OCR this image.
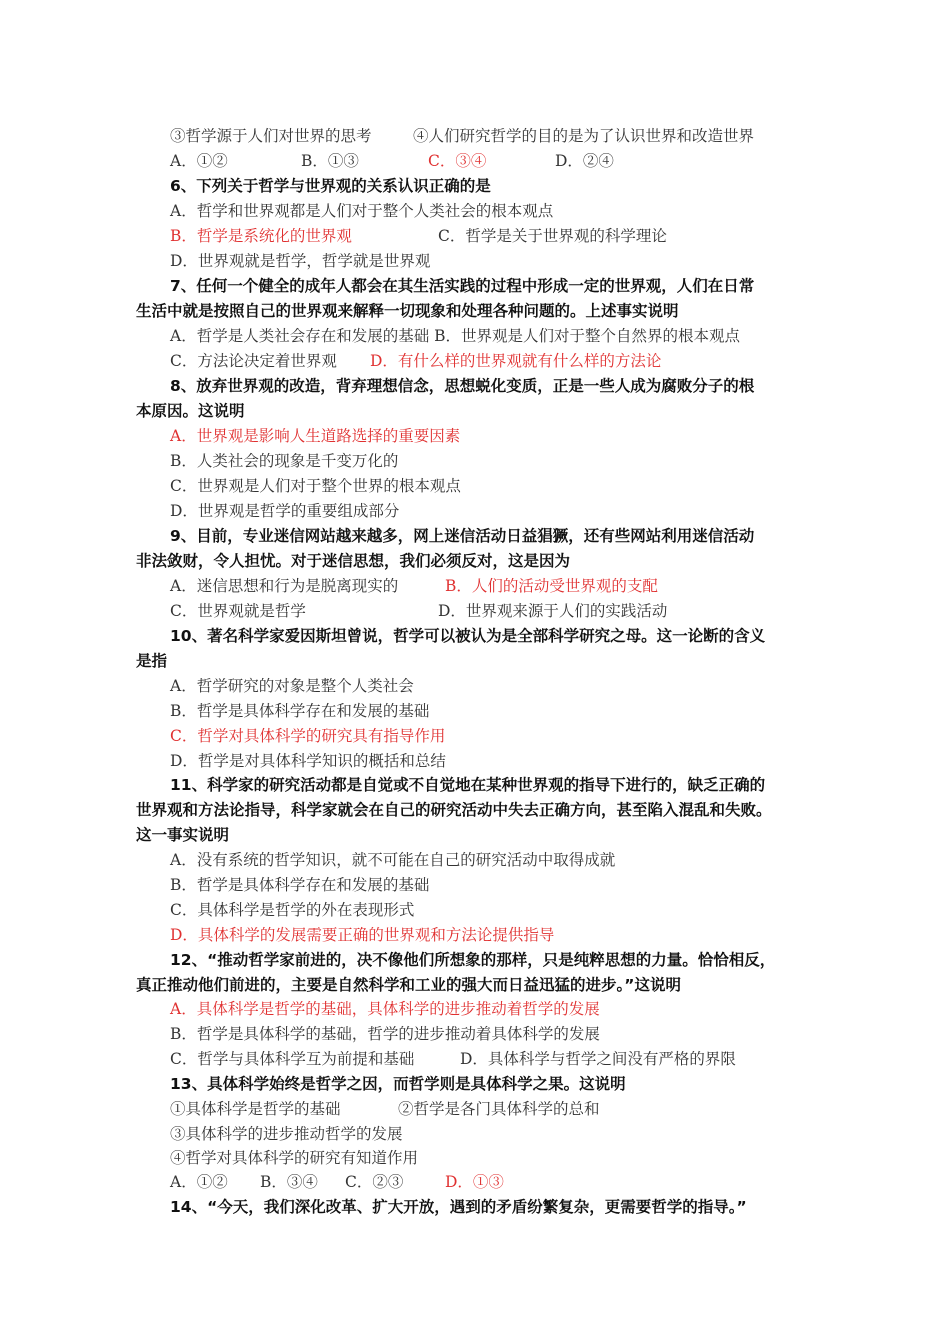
③哲学源于人们对世界的思考	④人们研究哲学的目的是为了认识世界和改造世界
A．①②	B．①③	C．③④	D．②④
6、下列关于哲学与世界观的关系认识正确的是
A．哲学和世界观都是人们对于整个人类社会的根本观点
B．哲学是系统化的世界观	C．哲学是关于世界观的科学理论
D．世界观就是哲学，哲学就是世界观
7、任何一个健全的成年人都会在其生活实践的过程中形成一定的世界观，人们在日常
生活中就是按照自己的世界观来解释一切现象和处理各种问题的。上述事实说明
A．哲学是人类社会存在和发展的基础 B．世界观是人们对于整个自然界的根本观点
C．方法论决定着世界观 D．有什么样的世界观就有什么样的方法论
8、放弃世界观的改造，背弃理想信念，思想蜕化变质，正是一些人成为腐败分子的根
本原因。这说明
A．世界观是影响人生道路选择的重要因素
B．人类社会的现象是千变万化的
C．世界观是人们对于整个世界的根本观点
D．世界观是哲学的重要组成部分
9、目前，专业迷信网站越来越多，网上迷信活动日益猖獗，还有些网站利用迷信活动
非法敛财，令人担忧。对于迷信思想，我们必须反对，这是因为
A．迷信思想和行为是脱离现实的	B．人们的活动受世界观的支配
C．世界观就是哲学	D．世界观来源于人们的实践活动
10、著名科学家爱因斯坦曾说，哲学可以被认为是全部科学研究之母。这一论断的含义
是指
A．哲学研究的对象是整个人类社会
B．哲学是具体科学存在和发展的基础
C．哲学对具体科学的研究具有指导作用
D．哲学是对具体科学知识的概括和总结
11、科学家的研究活动都是自觉或不自觉地在某种世界观的指导下进行的，缺乏正确的
世界观和方法论指导，科学家就会在自己的研究活动中失去正确方向，甚至陷入混乱和失败。
这一事实说明
A．没有系统的哲学知识，就不可能在自己的研究活动中取得成就
B．哲学是具体科学存在和发展的基础
C．具体科学是哲学的外在表现形式
D．具体科学的发展需要正确的世界观和方法论提供指导
12、“推动哲学家前进的，决不像他们所想象的那样，只是纯粹思想的力量。恰恰相反，
真正推动他们前进的，主要是自然科学和工业的强大而日益迅猛的进步。”这说明
A．具体科学是哲学的基础，具体科学的进步推动着哲学的发展
B．哲学是具体科学的基础，哲学的进步推动着具体科学的发展
C．哲学与具体科学互为前提和基础	D．具体科学与哲学之间没有严格的界限
13、具体科学始终是哲学之因，而哲学则是具体科学之果。这说明
①具体科学是哲学的基础	②哲学是各门具体科学的总和
③具体科学的进步推动哲学的发展
④哲学对具体科学的研究有知道作用
A．①② B．③④ C．②③	D．①③
14、“今天，我们深化改革、扩大开放，遇到的矛盾纷繁复杂，更需要哲学的指导。”
